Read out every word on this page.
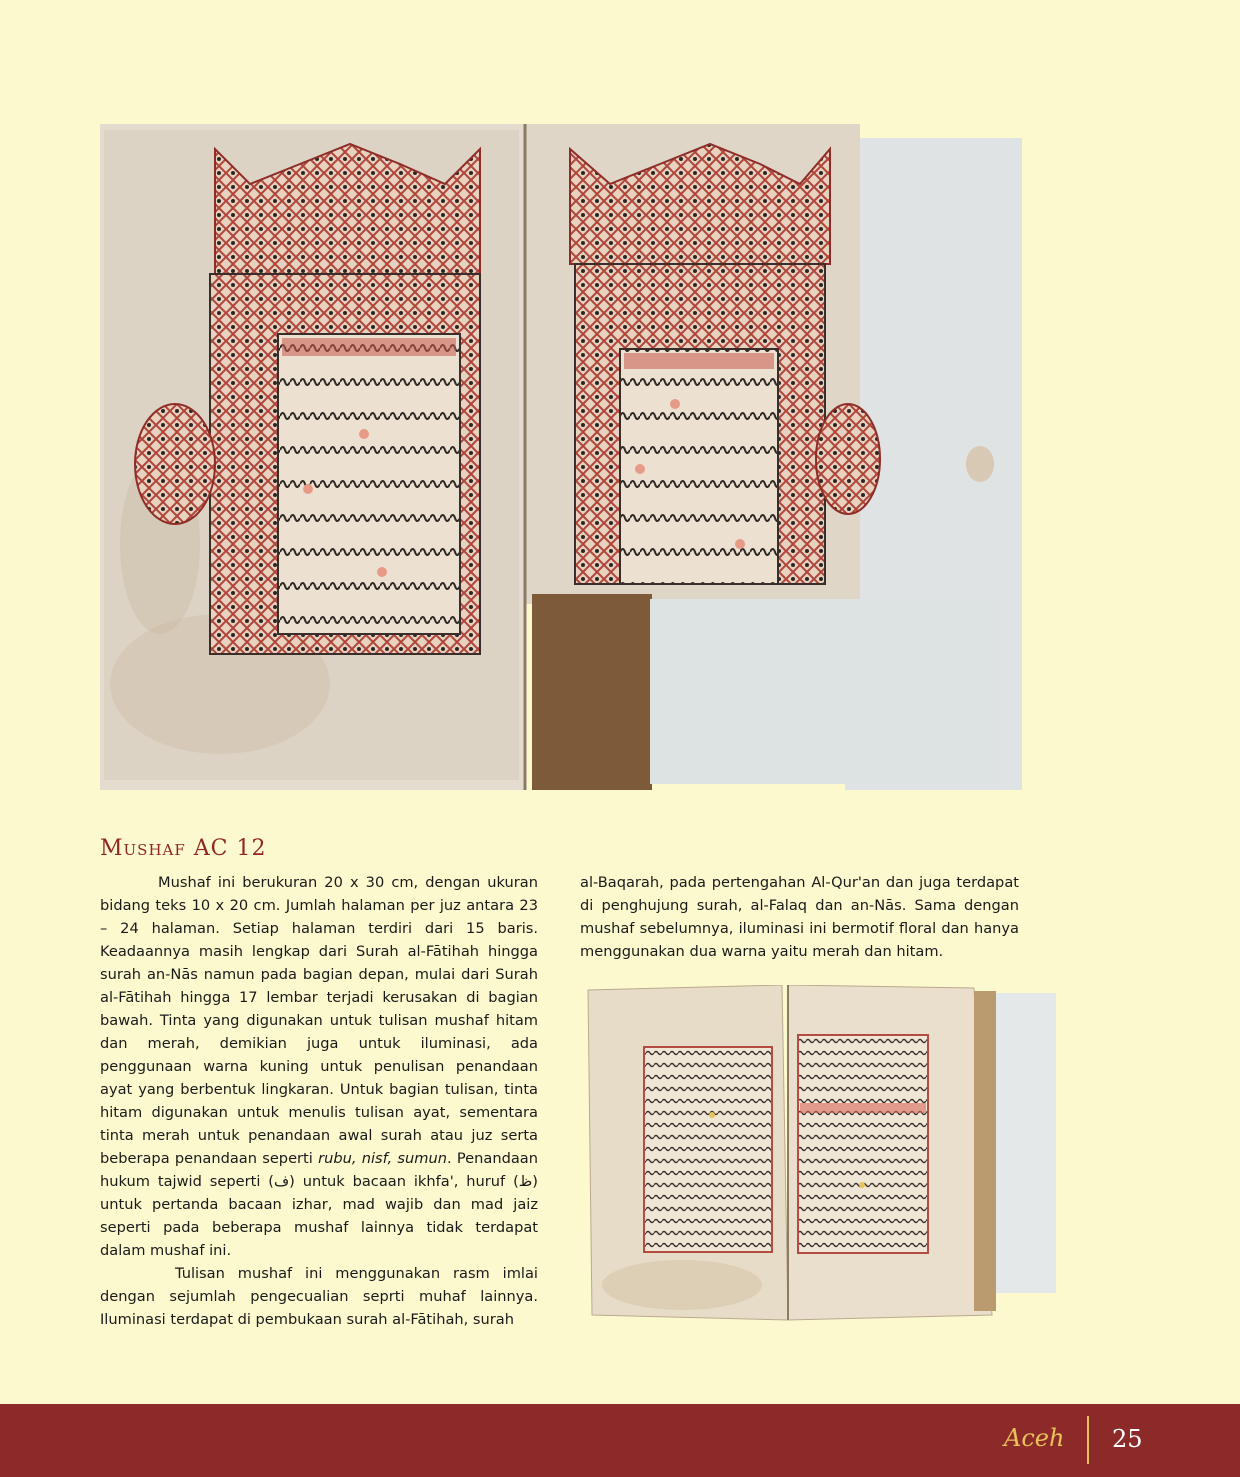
Mushaf AC 12

Mushaf ini berukuran 20 x 30 cm, dengan ukuran bidang teks 10 x 20 cm. Jumlah halaman per juz antara 23 – 24 halaman. Setiap halaman terdiri dari 15 baris. Keadaannya masih lengkap dari Surah al-Fātihah hingga surah an-Nās namun pada bagian depan, mulai dari Surah al-Fātihah hingga 17 lembar terjadi kerusakan di bagian bawah. Tinta yang digunakan untuk tulisan mushaf hitam dan merah, demikian juga untuk iluminasi, ada penggunaan warna kuning untuk penulisan penandaan ayat yang berbentuk lingkaran. Untuk bagian tulisan, tinta hitam digunakan untuk menulis tulisan ayat, sementara tinta merah untuk penandaan awal surah atau juz serta beberapa penandaan seperti rubu, nisf, sumun. Penandaan hukum tajwid seperti (ف) untuk bacaan ikhfa', huruf (ظ) untuk pertanda bacaan izhar, mad wajib dan mad jaiz seperti pada beberapa mushaf lainnya tidak terdapat dalam mushaf ini.

Tulisan mushaf ini menggunakan rasm imlai dengan sejumlah pengecualian seprti muhaf lainnya. Iluminasi terdapat di pembukaan surah al-Fātihah, surah

al-Baqarah, pada pertengahan Al-Qur'an dan juga terdapat di penghujung surah, al-Falaq dan an-Nās. Sama dengan mushaf sebelumnya, iluminasi ini bermotif floral dan hanya menggunakan dua warna yaitu merah dan hitam.

Aceh 25
